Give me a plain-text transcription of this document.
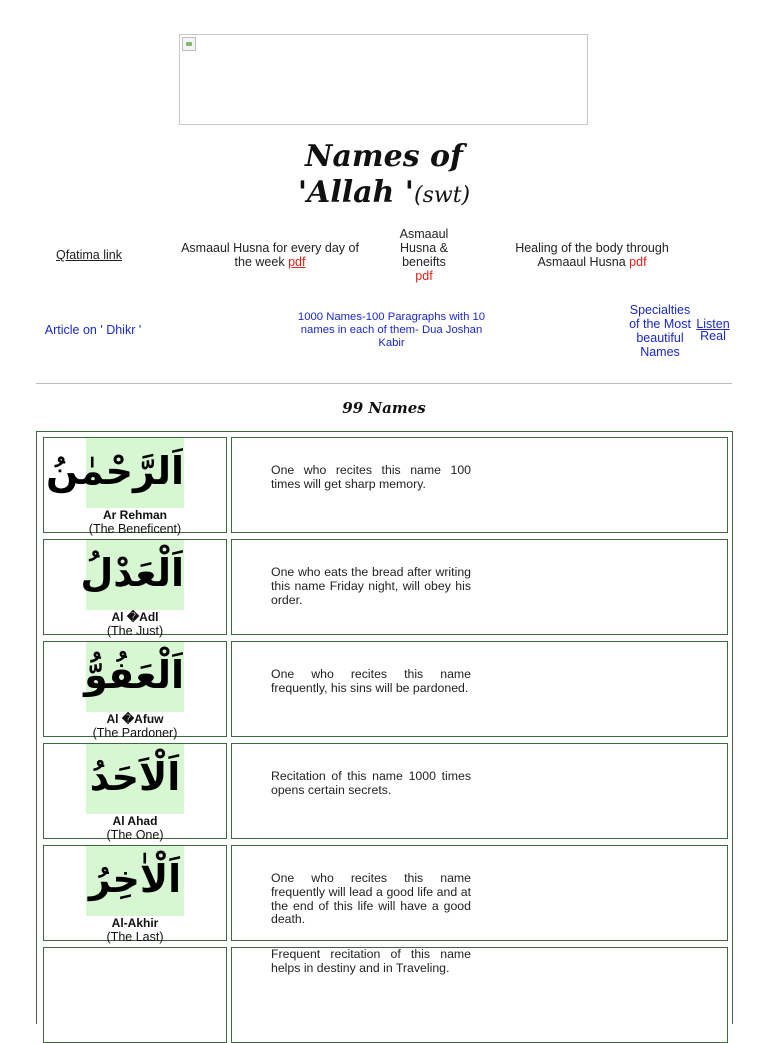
Names of
'Allah '(swt)
Qfatima link	Asmaaul Husna for every day of the week pdf
Asmaaul Husna & beneifts
pdf
Healing of the body through Asmaaul Husna pdf
Article on ' Dhikr '
1000 Names-100 Paragraphs with 10 names in each of them- Dua Joshan Kabir
Specialties of the Most beautiful Names
Listen
Real
99 Names
اَلرَّحْمٰنُ
Ar Rehman
(The Beneficent)
One who recites this name 100 times will get sharp memory.
اَلْعَدْلُ
Al �Adl
(The Just)
One who eats the bread after writing this name Friday night, will obey his order.
اَلْعَفُوُّ
Al �Afuw
(The Pardoner)
One who recites this name frequently, his sins will be pardoned.
اَلْاَحَدُ
Al Ahad
(The One)
Recitation of this name 1000 times opens certain secrets.
اَلْاٰخِرُ
Al-Akhir
(The Last)
One who recites this name frequently will lead a good life and at the end of this life will have a good death.
Frequent recitation of this name helps in destiny and in Traveling.
